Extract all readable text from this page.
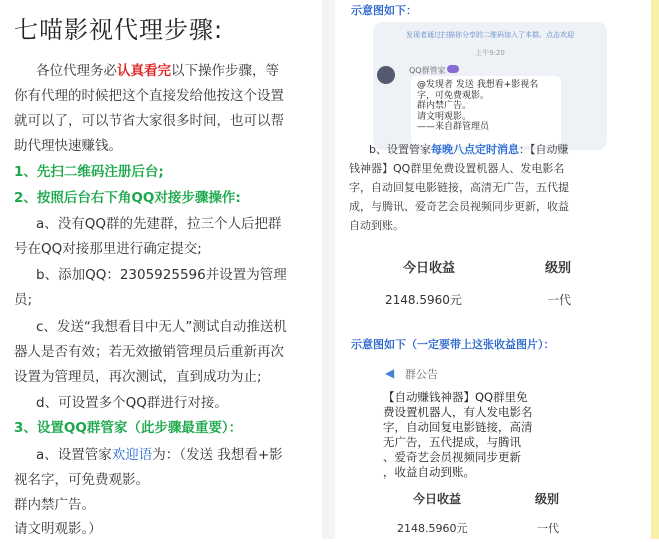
七喵影视代理步骤:
各位代理务必认真看完以下操作步骤，等
你有代理的时候把这个直接发给他按这个设置
就可以了，可以节省大家很多时间，也可以帮
助代理快速赚钱。
1、先扫二维码注册后台;
2、按照后台右下角QQ对接步骤操作:
a、没有QQ群的先建群，拉三个人后把群
号在QQ对接那里进行确定提交;
b、添加QQ：2305925596并设置为管理
员;
c、发送“我想看目中无人”测试自动推送机
器人是否有效；若无效撤销管理员后重新再次
设置为管理员，再次测试，直到成功为止;
d、可设置多个QQ群进行对接。
3、设置QQ群管家（此步骤最重要）：
a、设置管家欢迎语为：（发送 我想看+影
视名字，可免费观影。
群内禁广告。
请文明观影。）
示意图如下：
发现者通过扫描你分享的二维码加入了本群。点击欢迎
上午9:20
QQ群管家
@发现者 发送 我想看+影视名
字，可免费观影。
群内禁广告。
请文明观影。
——来自群管理员
b、设置管家每晚八点定时消息：【自动赚
钱神器】QQ群里免费设置机器人、发电影名
字，自动回复电影链接，高清无广告，五代提
成，与腾讯、爱奇艺会员视频同步更新，收益
自动到账。
今日收益	级别
2148.5960元	一代
示意图如下（一定要带上这张收益图片）：
◀ 群公告
【自动赚钱神器】QQ群里免
费设置机器人，有人发电影名
字，自动回复电影链接，高清
无广告，五代提成，与腾讯
、爱奇艺会员视频同步更新
，收益自动到账。
今日收益	级别
2148.5960元	一代
